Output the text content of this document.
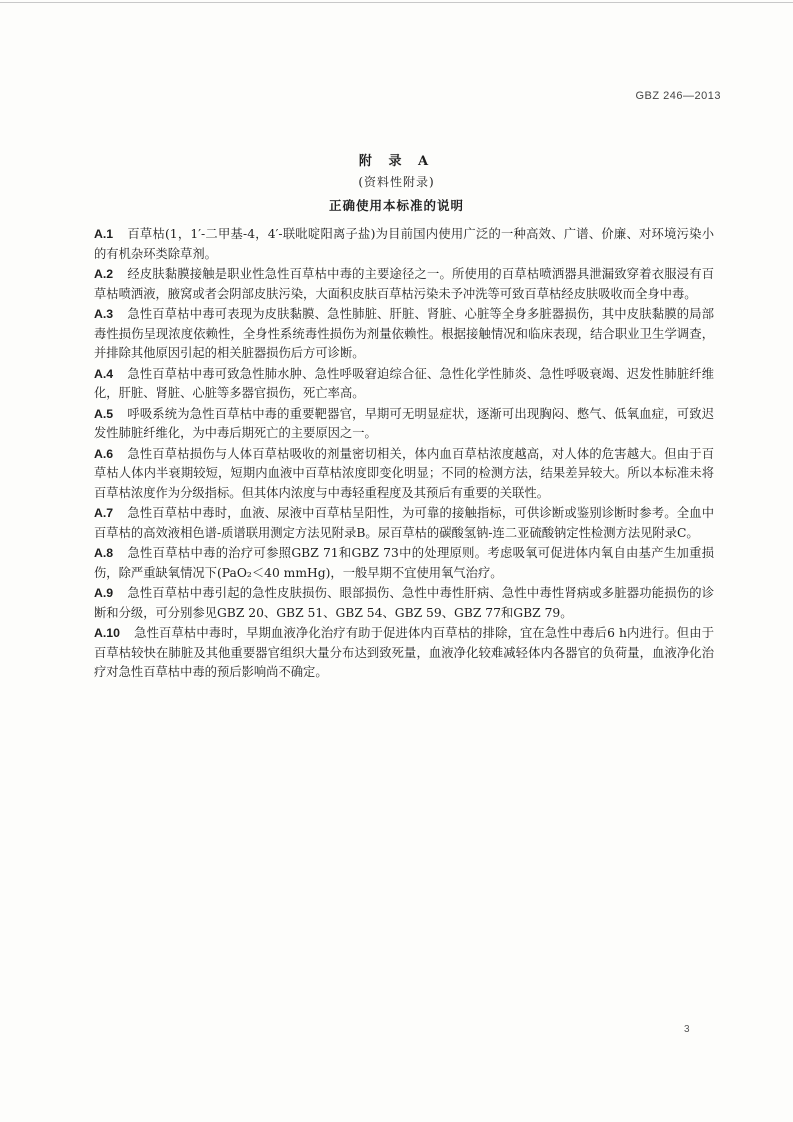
GBZ 246—2013
附 录 A
(资料性附录)
正确使用本标准的说明

A.1 百草枯(1，1′-二甲基-4，4′-联吡啶阳离子盐)为目前国内使用广泛的一种高效、广谱、价廉、对环境污染小的有机杂环类除草剂。

A.2 经皮肤黏膜接触是职业性急性百草枯中毒的主要途径之一。所使用的百草枯喷洒器具泄漏致穿着衣服浸有百草枯喷洒液，腋窝或者会阴部皮肤污染，大面积皮肤百草枯污染未予冲洗等可致百草枯经皮肤吸收而全身中毒。

A.3 急性百草枯中毒可表现为皮肤黏膜、急性肺脏、肝脏、肾脏、心脏等全身多脏器损伤，其中皮肤黏膜的局部毒性损伤呈现浓度依赖性，全身性系统毒性损伤为剂量依赖性。根据接触情况和临床表现，结合职业卫生学调查，并排除其他原因引起的相关脏器损伤后方可诊断。

A.4 急性百草枯中毒可致急性肺水肿、急性呼吸窘迫综合征、急性化学性肺炎、急性呼吸衰竭、迟发性肺脏纤维化，肝脏、肾脏、心脏等多器官损伤，死亡率高。

A.5 呼吸系统为急性百草枯中毒的重要靶器官，早期可无明显症状，逐渐可出现胸闷、憋气、低氧血症，可致迟发性肺脏纤维化，为中毒后期死亡的主要原因之一。

A.6 急性百草枯损伤与人体百草枯吸收的剂量密切相关，体内血百草枯浓度越高，对人体的危害越大。但由于百草枯人体内半衰期较短，短期内血液中百草枯浓度即变化明显；不同的检测方法，结果差异较大。所以本标准未将百草枯浓度作为分级指标。但其体内浓度与中毒轻重程度及其预后有重要的关联性。

A.7 急性百草枯中毒时，血液、尿液中百草枯呈阳性，为可靠的接触指标，可供诊断或鉴别诊断时参考。全血中百草枯的高效液相色谱-质谱联用测定方法见附录B。尿百草枯的碳酸氢钠-连二亚硫酸钠定性检测方法见附录C。

A.8 急性百草枯中毒的治疗可参照GBZ 71和GBZ 73中的处理原则。考虑吸氧可促进体内氧自由基产生加重损伤，除严重缺氧情况下(PaO₂＜40 mmHg)，一般早期不宜使用氧气治疗。

A.9 急性百草枯中毒引起的急性皮肤损伤、眼部损伤、急性中毒性肝病、急性中毒性肾病或多脏器功能损伤的诊断和分级，可分别参见GBZ 20、GBZ 51、GBZ 54、GBZ 59、GBZ 77和GBZ 79。

A.10 急性百草枯中毒时，早期血液净化治疗有助于促进体内百草枯的排除，宜在急性中毒后6 h内进行。但由于百草枯较快在肺脏及其他重要器官组织大量分布达到致死量，血液净化较难减轻体内各器官的负荷量，血液净化治疗对急性百草枯中毒的预后影响尚不确定。

3
